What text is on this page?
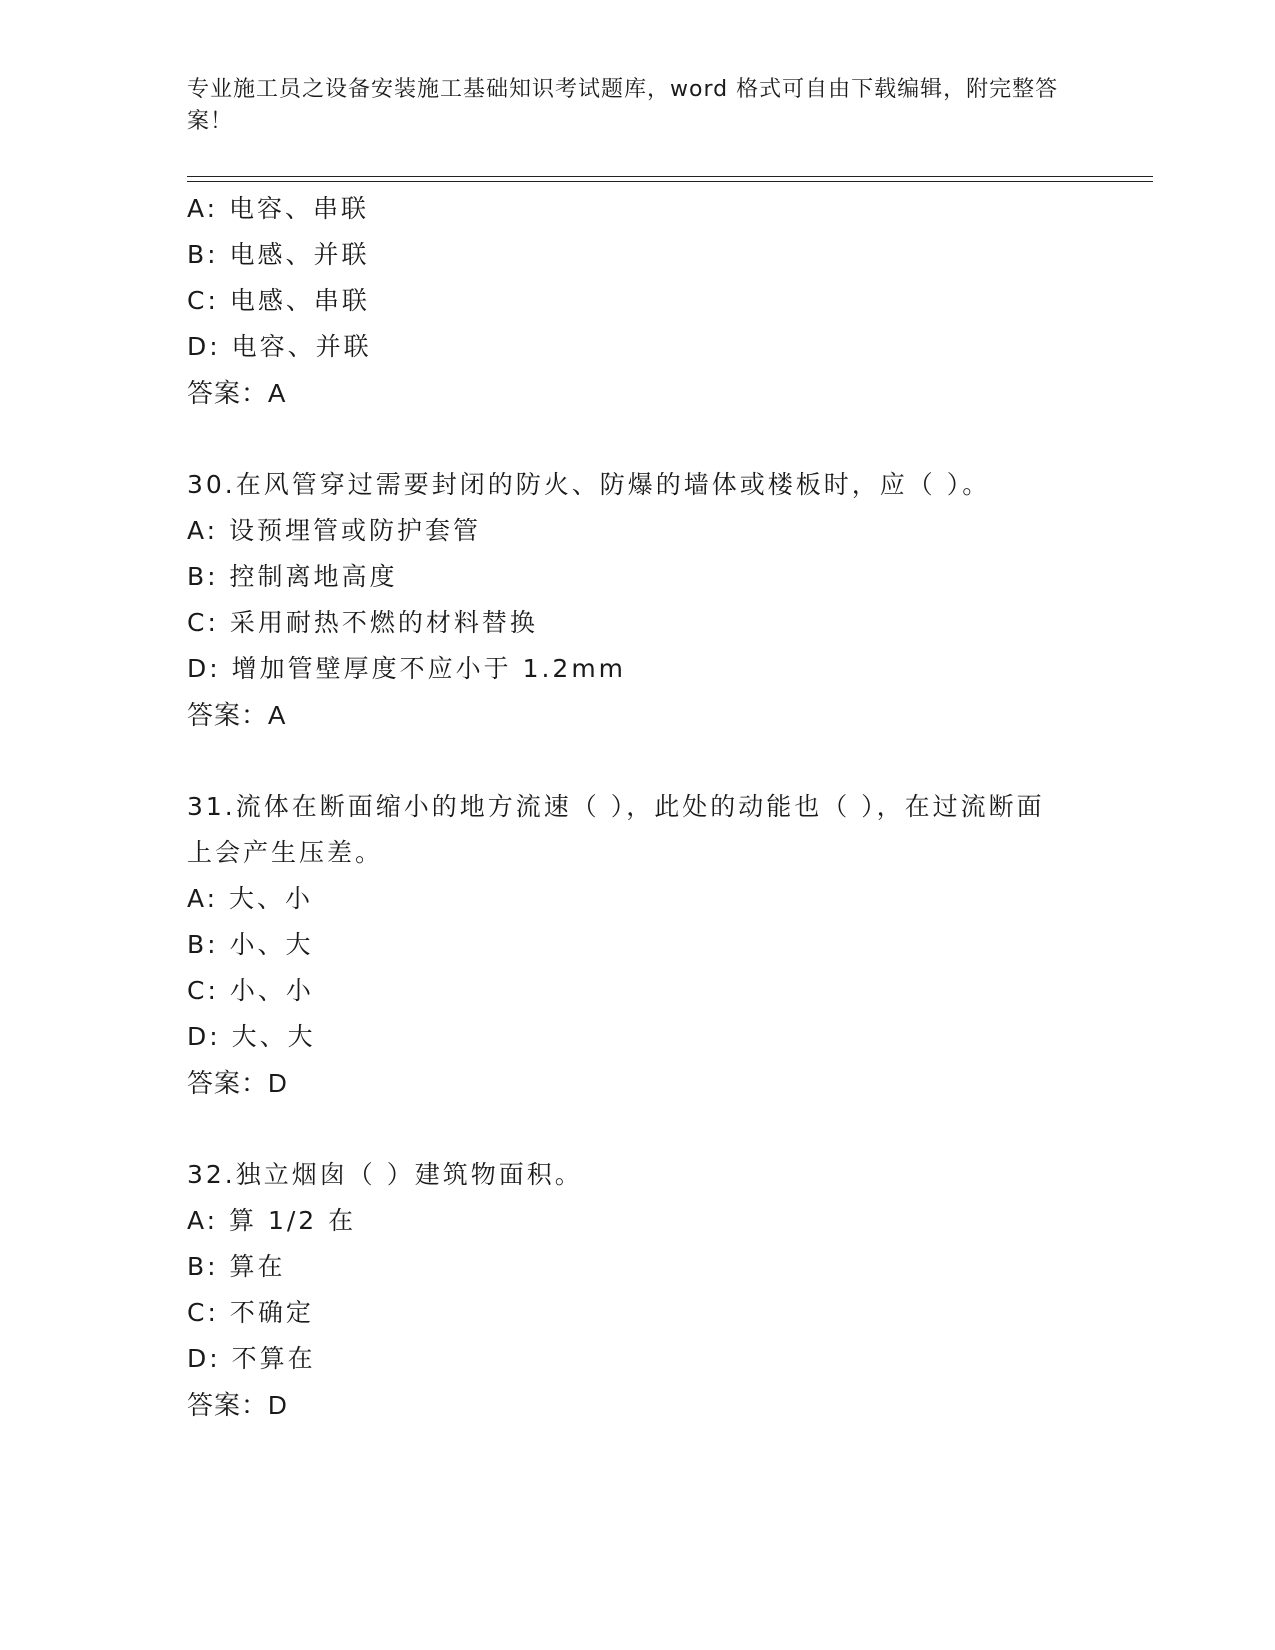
专业施工员之设备安装施工基础知识考试题库，word 格式可自由下载编辑，附完整答案！
A: 电容、串联
B: 电感、并联
C: 电感、串联
D: 电容、并联
答案：A
30.在风管穿过需要封闭的防火、防爆的墙体或楼板时，应（ ）。
A: 设预埋管或防护套管
B: 控制离地高度
C: 采用耐热不燃的材料替换
D: 增加管壁厚度不应小于 1.2mm
答案：A
31.流体在断面缩小的地方流速（ ），此处的动能也（ ），在过流断面上会产生压差。
A: 大、小
B: 小、大
C: 小、小
D: 大、大
答案：D
32.独立烟囱（ ）建筑物面积。
A: 算 1/2 在
B: 算在
C: 不确定
D: 不算在
答案：D
